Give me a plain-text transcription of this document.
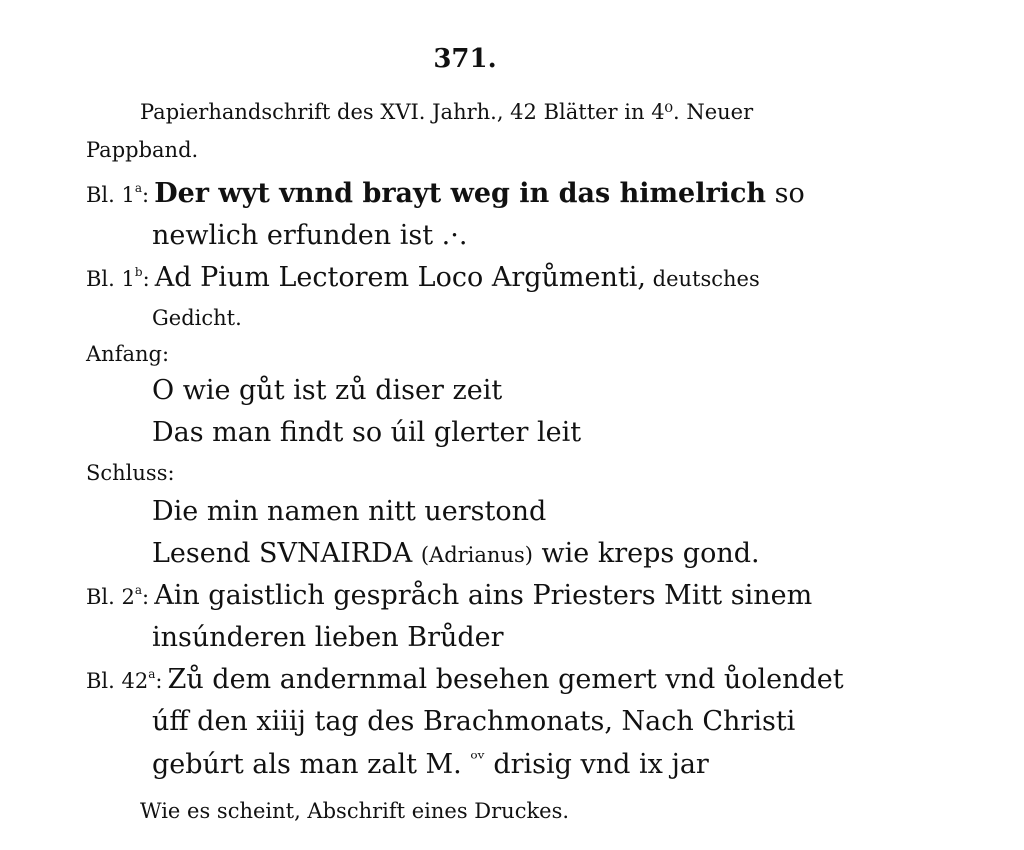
371.
Papierhandschrift des XVI. Jahrh., 42 Blätter in 4⁰. Neuer
Pappband.
Bl. 1$^a$: Der wyt vnnd brayt weg in das himelrich so
newlich erfunden ist .·.
Bl. 1$^b$: Ad Pium Lectorem Loco Argůmenti, deutsches
Gedicht.
Anfang:
O wie gůt ist zů diser zeit
Das man findt so úil glerter leit
Schluss:
Die min namen nitt uerstond
Lesend SVNAIRDA (Adrianus) wie kreps gond.
Bl. 2$^a$: Ain gaistlich gespråch ains Priesters Mitt sinem
insúnderen lieben Brůder
Bl. 42$^a$: Zů dem andernmal besehen gemert vnd ůolendet
úff den xiiij tag des Brachmonats, Nach Christi
gebúrt als man zalt M. ᵒᵛ drisig vnd ix jar
Wie es scheint, Abschrift eines Druckes.
